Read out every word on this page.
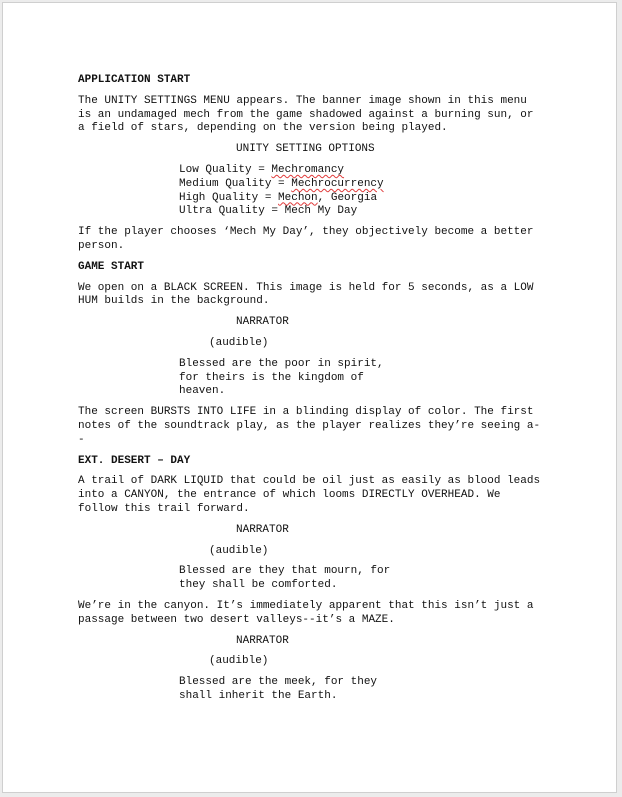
APPLICATION START

The UNITY SETTINGS MENU appears. The banner image shown in this menu

is an undamaged mech from the game shadowed against a burning sun, or

a field of stars, depending on the version being played.

UNITY SETTING OPTIONS

Low Quality = Mechromancy

Medium Quality = Mechrocurrency

High Quality = Mechon, Georgia

Ultra Quality = Mech My Day

If the player chooses ‘Mech My Day’, they objectively become a better

person.

GAME START

We open on a BLACK SCREEN. This image is held for 5 seconds, as a LOW

HUM builds in the background.

NARRATOR

(audible)

Blessed are the poor in spirit,

for theirs is the kingdom of

heaven.

The screen BURSTS INTO LIFE in a blinding display of color. The first

notes of the soundtrack play, as the player realizes they’re seeing a-

-

EXT. DESERT – DAY

A trail of DARK LIQUID that could be oil just as easily as blood leads

into a CANYON, the entrance of which looms DIRECTLY OVERHEAD. We

follow this trail forward.

NARRATOR

(audible)

Blessed are they that mourn, for

they shall be comforted.

We’re in the canyon. It’s immediately apparent that this isn’t just a

passage between two desert valleys--it’s a MAZE.

NARRATOR

(audible)

Blessed are the meek, for they

shall inherit the Earth.
